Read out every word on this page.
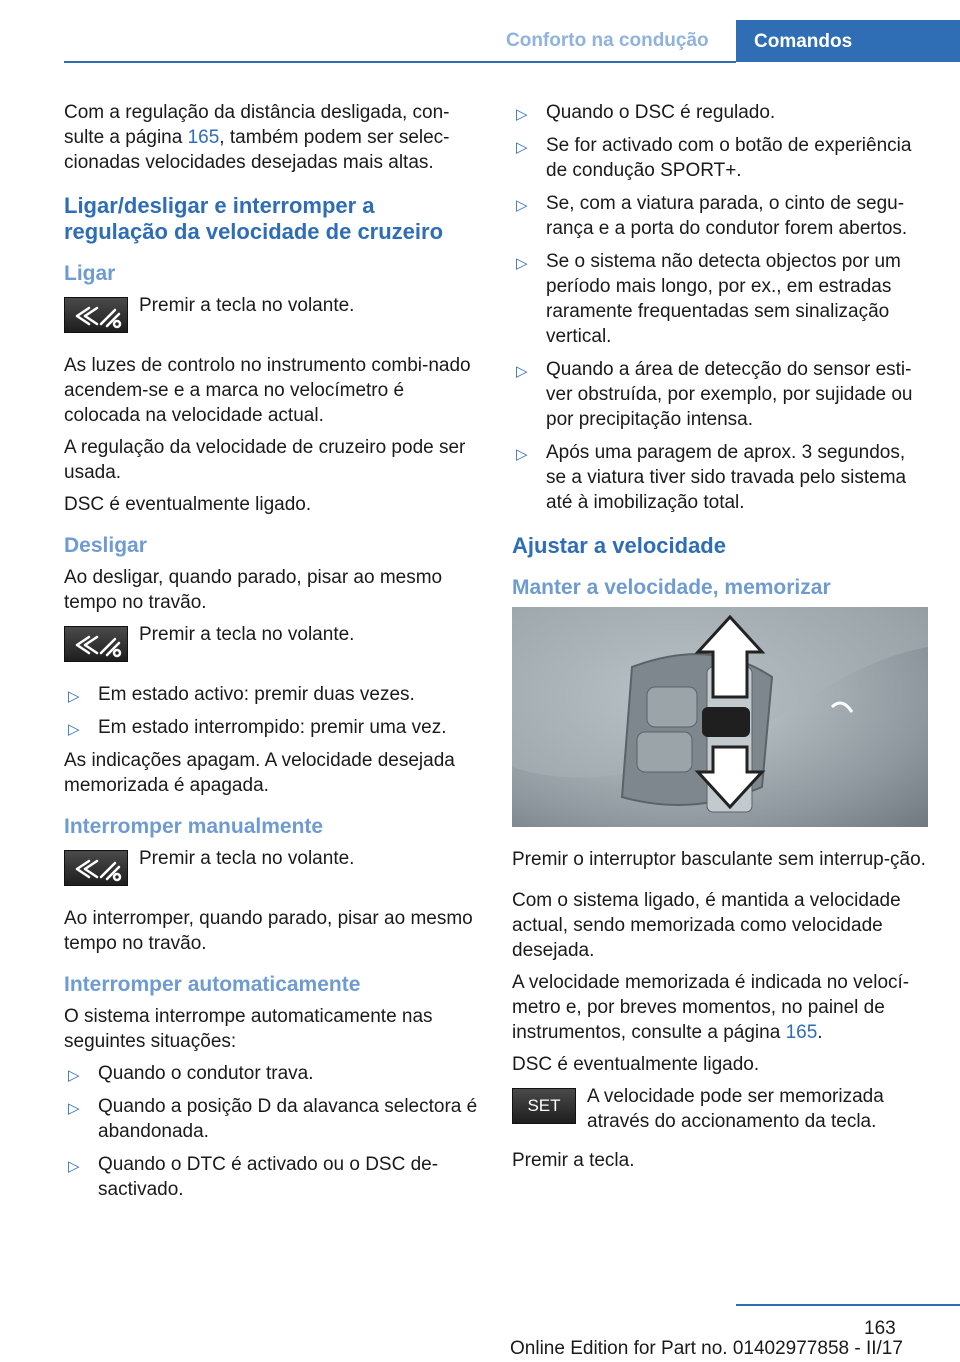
Conforto na condução	Comandos

Com a regulação da distância desligada, con-sulte a página 165, também podem ser selec-cionadas velocidades desejadas mais altas.

Ligar/desligar e interromper a regulação da velocidade de cruzeiro
Ligar

Premir a tecla no volante.

As luzes de controlo no instrumento combi-nado acendem-se e a marca no velocímetro é colocada na velocidade actual.

A regulação da velocidade de cruzeiro pode ser usada.

DSC é eventualmente ligado.

Desligar

Ao desligar, quando parado, pisar ao mesmo tempo no travão.

Premir a tecla no volante.

▷ Em estado activo: premir duas vezes.
▷ Em estado interrompido: premir uma vez.

As indicações apagam. A velocidade desejada memorizada é apagada.

Interromper manualmente

Premir a tecla no volante.

Ao interromper, quando parado, pisar ao mesmo tempo no travão.

Interromper automaticamente

O sistema interrompe automaticamente nas seguintes situações:

▷ Quando o condutor trava.
▷ Quando a posição D da alavanca selectora é abandonada.
▷ Quando o DTC é activado ou o DSC de-sactivado.
▷ Quando o DSC é regulado.
▷ Se for activado com o botão de experiência de condução SPORT+.
▷ Se, com a viatura parada, o cinto de segu-rança e a porta do condutor forem abertos.
▷ Se o sistema não detecta objectos por um período mais longo, por ex., em estradas raramente frequentadas sem sinalização vertical.
▷ Quando a área de detecção do sensor esti-ver obstruída, por exemplo, por sujidade ou por precipitação intensa.
▷ Após uma paragem de aprox. 3 segundos, se a viatura tiver sido travada pelo sistema até à imobilização total.
Ajustar a velocidade
Manter a velocidade, memorizar

Premir o interruptor basculante sem interrup-ção.

Com o sistema ligado, é mantida a velocidade actual, sendo memorizada como velocidade desejada.

A velocidade memorizada é indicada no velocí-metro e, por breves momentos, no painel de instrumentos, consulte a página 165.

DSC é eventualmente ligado.

SET A velocidade pode ser memorizada através do accionamento da tecla.

Premir a tecla.

163
Online Edition for Part no. 01402977858 - II/17
